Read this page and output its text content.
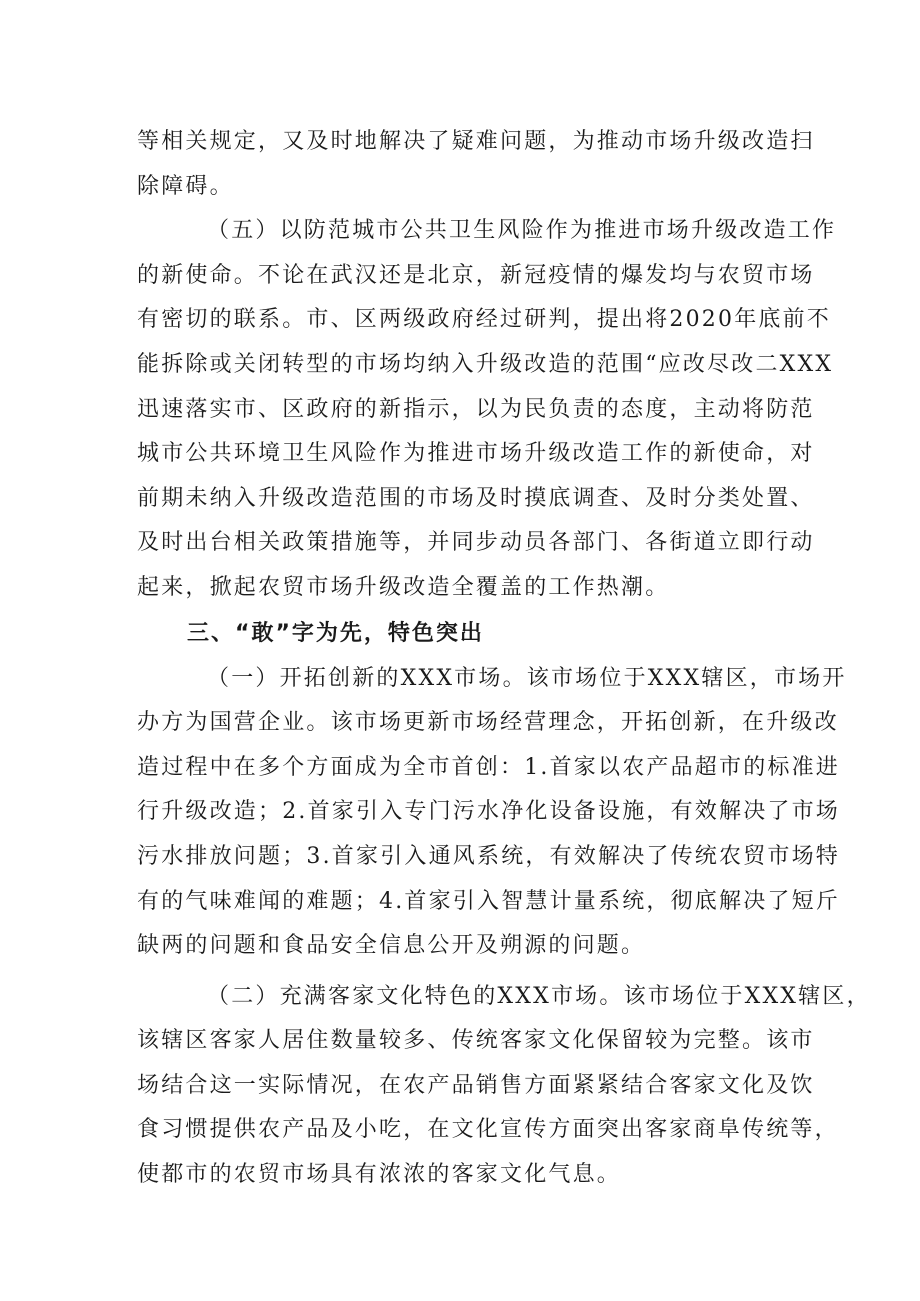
等相关规定，又及时地解决了疑难问题，为推动市场升级改造扫
除障碍。
（五）以防范城市公共卫生风险作为推进市场升级改造工作
的新使命。不论在武汉还是北京，新冠疫情的爆发均与农贸市场
有密切的联系。市、区两级政府经过研判，提出将2020年底前不
能拆除或关闭转型的市场均纳入升级改造的范围“应改尽改二XXX
迅速落实市、区政府的新指示，以为民负责的态度，主动将防范
城市公共环境卫生风险作为推进市场升级改造工作的新使命，对
前期未纳入升级改造范围的市场及时摸底调查、及时分类处置、
及时出台相关政策措施等，并同步动员各部门、各街道立即行动
起来，掀起农贸市场升级改造全覆盖的工作热潮。
三、“敢”字为先，特色突出
（一）开拓创新的XXX市场。该市场位于XXX辖区，市场开
办方为国营企业。该市场更新市场经营理念，开拓创新，在升级改
造过程中在多个方面成为全市首创：1.首家以农产品超市的标准进
行升级改造；2.首家引入专门污水净化设备设施，有效解决了市场
污水排放问题；3.首家引入通风系统，有效解决了传统农贸市场特
有的气味难闻的难题；4.首家引入智慧计量系统，彻底解决了短斤
缺两的问题和食品安全信息公开及朔源的问题。
（二）充满客家文化特色的XXX市场。该市场位于XXX辖区，
该辖区客家人居住数量较多、传统客家文化保留较为完整。该市
场结合这一实际情况，在农产品销售方面紧紧结合客家文化及饮
食习惯提供农产品及小吃，在文化宣传方面突出客家商阜传统等，
使都市的农贸市场具有浓浓的客家文化气息。
